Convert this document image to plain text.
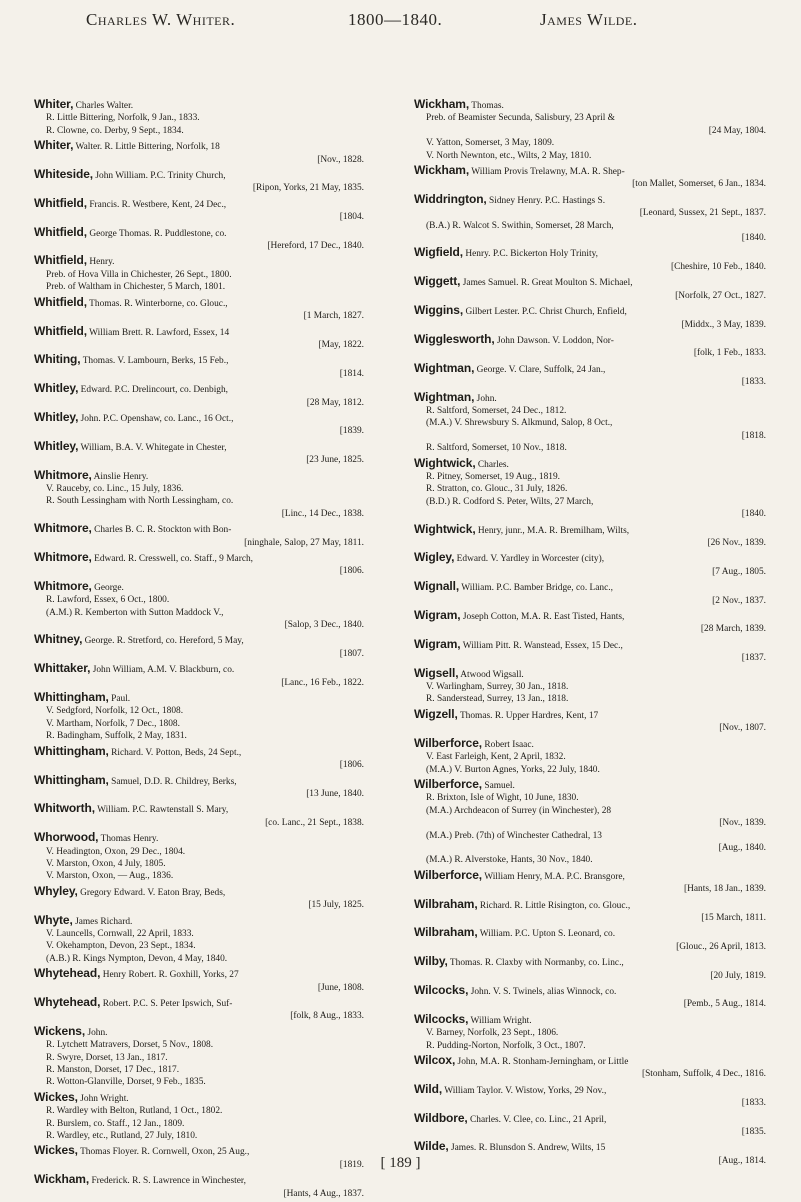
Charles W. Whiter.	1800—1840.	James Wilde.
Whiter, Charles Walter.
R. Little Bittering, Norfolk, 9 Jan., 1833.
R. Clowne, co. Derby, 9 Sept., 1834.
Whiter, Walter. R. Little Bittering, Norfolk, 18
[Nov., 1828.
Whiteside, John William. P.C. Trinity Church,
[Ripon, Yorks, 21 May, 1835.
Whitfield, Francis. R. Westbere, Kent, 24 Dec.,
[1804.
Whitfield, George Thomas. R. Puddlestone, co.
[Hereford, 17 Dec., 1840.
Whitfield, Henry.
Preb. of Hova Villa in Chichester, 26 Sept., 1800.
Preb. of Waltham in Chichester, 5 March, 1801.
Whitfield, Thomas. R. Winterborne, co. Glouc.,
[1 March, 1827.
Whitfield, William Brett. R. Lawford, Essex, 14
[May, 1822.
Whiting, Thomas. V. Lambourn, Berks, 15 Feb.,
[1814.
Whitley, Edward. P.C. Drelincourt, co. Denbigh,
[28 May, 1812.
Whitley, John. P.C. Openshaw, co. Lanc., 16 Oct.,
[1839.
Whitley, William, B.A. V. Whitegate in Chester,
[23 June, 1825.
Whitmore, Ainslie Henry.
V. Rauceby, co. Linc., 15 July, 1836.
R. South Lessingham with North Lessingham, co.
[Linc., 14 Dec., 1838.
Whitmore, Charles B. C. R. Stockton with Bon-
[ninghale, Salop, 27 May, 1811.
Whitmore, Edward. R. Cresswell, co. Staff., 9 March,
[1806.
Whitmore, George.
R. Lawford, Essex, 6 Oct., 1800.
(A.M.) R. Kemberton with Sutton Maddock V.,
[Salop, 3 Dec., 1840.
Whitney, George. R. Stretford, co. Hereford, 5 May,
[1807.
Whittaker, John William, A.M. V. Blackburn, co.
[Lanc., 16 Feb., 1822.
Whittingham, Paul.
V. Sedgford, Norfolk, 12 Oct., 1808.
V. Martham, Norfolk, 7 Dec., 1808.
R. Badingham, Suffolk, 2 May, 1831.
Whittingham, Richard. V. Potton, Beds, 24 Sept.,
[1806.
Whittingham, Samuel, D.D. R. Childrey, Berks,
[13 June, 1840.
Whitworth, William. P.C. Rawtenstall S. Mary,
[co. Lanc., 21 Sept., 1838.
Whorwood, Thomas Henry.
V. Headington, Oxon, 29 Dec., 1804.
V. Marston, Oxon, 4 July, 1805.
V. Marston, Oxon, — Aug., 1836.
Whyley, Gregory Edward. V. Eaton Bray, Beds,
[15 July, 1825.
Whyte, James Richard.
V. Launcells, Cornwall, 22 April, 1833.
V. Okehampton, Devon, 23 Sept., 1834.
(A.B.) R. Kings Nympton, Devon, 4 May, 1840.
Whytehead, Henry Robert. R. Goxhill, Yorks, 27
[June, 1808.
Whytehead, Robert. P.C. S. Peter Ipswich, Suf-
[folk, 8 Aug., 1833.
Wickens, John.
R. Lytchett Matravers, Dorset, 5 Nov., 1808.
R. Swyre, Dorset, 13 Jan., 1817.
R. Manston, Dorset, 17 Dec., 1817.
R. Wotton-Glanville, Dorset, 9 Feb., 1835.
Wickes, John Wright.
R. Wardley with Belton, Rutland, 1 Oct., 1802.
R. Burslem, co. Staff., 12 Jan., 1809.
R. Wardley, etc., Rutland, 27 July, 1810.
Wickes, Thomas Floyer. R. Cornwell, Oxon, 25 Aug.,
[1819.
Wickham, Frederick. R. S. Lawrence in Winchester,
[Hants, 4 Aug., 1837.
Wickham, Thomas.
Preb. of Beamister Secunda, Salisbury, 23 April &
[24 May, 1804.
V. Yatton, Somerset, 3 May, 1809.
V. North Newnton, etc., Wilts, 2 May, 1810.
Wickham, William Provis Trelawny, M.A. R. Shep-
[ton Mallet, Somerset, 6 Jan., 1834.
Widdrington, Sidney Henry. P.C. Hastings S.
[Leonard, Sussex, 21 Sept., 1837.
(B.A.) R. Walcot S. Swithin, Somerset, 28 March,
[1840.
Wigfield, Henry. P.C. Bickerton Holy Trinity,
[Cheshire, 10 Feb., 1840.
Wiggett, James Samuel. R. Great Moulton S. Michael,
[Norfolk, 27 Oct., 1827.
Wiggins, Gilbert Lester. P.C. Christ Church, Enfield,
[Middx., 3 May, 1839.
Wigglesworth, John Dawson. V. Loddon, Nor-
[folk, 1 Feb., 1833.
Wightman, George. V. Clare, Suffolk, 24 Jan.,
[1833.
Wightman, John.
R. Saltford, Somerset, 24 Dec., 1812.
(M.A.) V. Shrewsbury S. Alkmund, Salop, 8 Oct.,
[1818.
R. Saltford, Somerset, 10 Nov., 1818.
Wightwick, Charles.
R. Pitney, Somerset, 19 Aug., 1819.
R. Stratton, co. Glouc., 31 July, 1826.
(B.D.) R. Codford S. Peter, Wilts, 27 March,
[1840.
Wightwick, Henry, junr., M.A. R. Bremilham, Wilts,
[26 Nov., 1839.
Wigley, Edward. V. Yardley in Worcester (city),
[7 Aug., 1805.
Wignall, William. P.C. Bamber Bridge, co. Lanc.,
[2 Nov., 1837.
Wigram, Joseph Cotton, M.A. R. East Tisted, Hants,
[28 March, 1839.
Wigram, William Pitt. R. Wanstead, Essex, 15 Dec.,
[1837.
Wigsell, Atwood Wigsall.
V. Warlingham, Surrey, 30 Jan., 1818.
R. Sanderstead, Surrey, 13 Jan., 1818.
Wigzell, Thomas. R. Upper Hardres, Kent, 17
[Nov., 1807.
Wilberforce, Robert Isaac.
V. East Farleigh, Kent, 2 April, 1832.
(M.A.) V. Burton Agnes, Yorks, 22 July, 1840.
Wilberforce, Samuel.
R. Brixton, Isle of Wight, 10 June, 1830.
(M.A.) Archdeacon of Surrey (in Winchester), 28
[Nov., 1839.
(M.A.) Preb. (7th) of Winchester Cathedral, 13
[Aug., 1840.
(M.A.) R. Alverstoke, Hants, 30 Nov., 1840.
Wilberforce, William Henry, M.A. P.C. Bransgore,
[Hants, 18 Jan., 1839.
Wilbraham, Richard. R. Little Risington, co. Glouc.,
[15 March, 1811.
Wilbraham, William. P.C. Upton S. Leonard, co.
[Glouc., 26 April, 1813.
Wilby, Thomas. R. Claxby with Normanby, co. Linc.,
[20 July, 1819.
Wilcocks, John. V. S. Twinels, alias Winnock, co.
[Pemb., 5 Aug., 1814.
Wilcocks, William Wright.
V. Barney, Norfolk, 23 Sept., 1806.
R. Pudding-Norton, Norfolk, 3 Oct., 1807.
Wilcox, John, M.A. R. Stonham-Jerningham, or Little
[Stonham, Suffolk, 4 Dec., 1816.
Wild, William Taylor. V. Wistow, Yorks, 29 Nov.,
[1833.
Wildbore, Charles. V. Clee, co. Linc., 21 April,
[1835.
Wilde, James. R. Blunsdon S. Andrew, Wilts, 15
[Aug., 1814.
[ 189 ]
